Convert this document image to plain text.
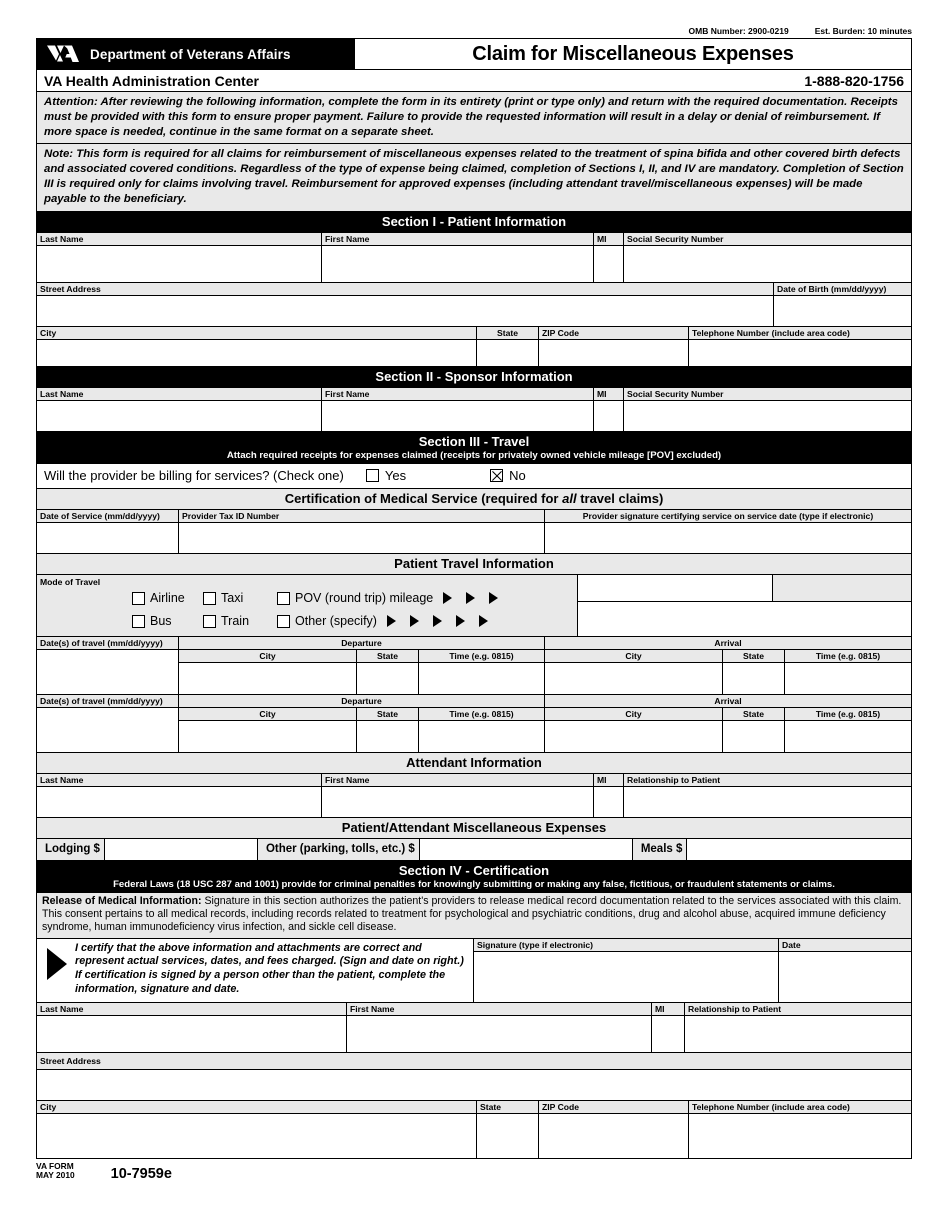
OMB Number: 2900-0219	Est. Burden: 10 minutes
Department of Veterans Affairs	Claim for Miscellaneous Expenses
VA Health Administration Center	1-888-820-1756
Attention: After reviewing the following information, complete the form in its entirety (print or type only) and return with the required documentation. Receipts must be provided with this form to ensure proper payment. Failure to provide the requested information will result in a delay or denial of reimbursement. If more space is needed, continue in the same format on a separate sheet.
Note: This form is required for all claims for reimbursement of miscellaneous expenses related to the treatment of spina bifida and other covered birth defects and associated covered conditions. Regardless of the type of expense being claimed, completion of Sections I, II, and IV are mandatory. Completion of Section III is required only for claims involving travel. Reimbursement for approved expenses (including attendant travel/miscellaneous expenses) will be made payable to the beneficiary.
Section I - Patient Information
Last Name	First Name	MI	Social Security Number
Street Address	Date of Birth (mm/dd/yyyy)
City	State	ZIP Code	Telephone Number (include area code)
Section II - Sponsor Information
Last Name	First Name	MI	Social Security Number
Section III - Travel
Attach required receipts for expenses claimed (receipts for privately owned vehicle mileage [POV] excluded)
Will the provider be billing for services? (Check one)	Yes	No
Certification of Medical Service (required for all travel claims)
Date of Service (mm/dd/yyyy)	Provider Tax ID Number	Provider signature certifying service on service date (type if electronic)
Patient Travel Information
Mode of Travel
Airline	Taxi	POV (round trip) mileage
Bus	Train	Other (specify)
Date(s) of travel (mm/dd/yyyy)	Departure	Arrival
City	State	Time (e.g. 0815)	City	State	Time (e.g. 0815)
Date(s) of travel (mm/dd/yyyy)	Departure	Arrival
City	State	Time (e.g. 0815)	City	State	Time (e.g. 0815)
Attendant Information
Last Name	First Name	MI	Relationship to Patient
Patient/Attendant Miscellaneous Expenses
Lodging $	Other (parking, tolls, etc.) $	Meals $
Section IV - Certification
Federal Laws (18 USC 287 and 1001) provide for criminal penalties for knowingly submitting or making any false, fictitious, or fraudulent statements or claims.
Release of Medical Information: Signature in this section authorizes the patient's providers to release medical record documentation related to the services associated with this claim. This consent pertains to all medical records, including records related to treatment for psychological and psychiatric conditions, drug and alcohol abuse, acquired immune deficiency syndrome, human immunodeficiency virus infection, and sickle cell disease.
I certify that the above information and attachments are correct and represent actual services, dates, and fees charged. (Sign and date on right.) If certification is signed by a person other than the patient, complete the information, signature and date.
Signature (type if electronic)	Date
Last Name	First Name	MI	Relationship to Patient
Street Address
City	State	ZIP Code	Telephone Number (include area code)
VA FORM
MAY 2010 10-7959e
